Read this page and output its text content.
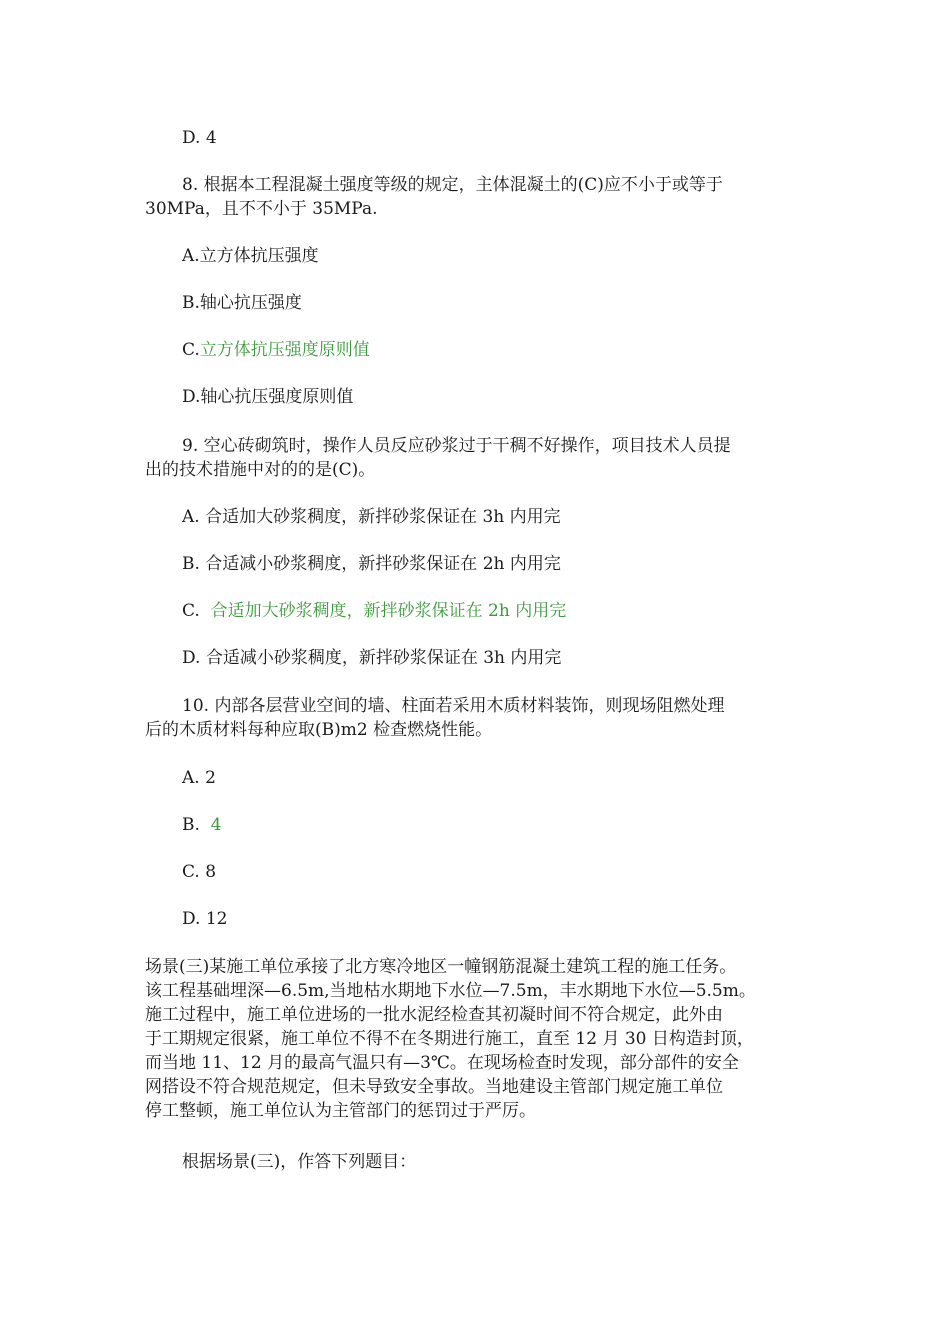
D. 4
8. 根据本工程混凝土强度等级的规定，主体混凝土的(C)应不小于或等于
30MPa，且不不小于 35MPa.
A.立方体抗压强度
B.轴心抗压强度
C.立方体抗压强度原则值
D.轴心抗压强度原则值
9. 空心砖砌筑时，操作人员反应砂浆过于干稠不好操作，项目技术人员提
出的技术措施中对的的是(C)。
A. 合适加大砂浆稠度，新拌砂浆保证在 3h 内用完
B. 合适减小砂浆稠度，新拌砂浆保证在 2h 内用完
C.  合适加大砂浆稠度，新拌砂浆保证在 2h 内用完
D. 合适减小砂浆稠度，新拌砂浆保证在 3h 内用完
10. 内部各层营业空间的墙、柱面若采用木质材料装饰，则现场阻燃处理
后的木质材料每种应取(B)m2 检查燃烧性能。
A. 2
B.  4
C. 8
D. 12
场景(三)某施工单位承接了北方寒冷地区一幢钢筋混凝土建筑工程的施工任务。
该工程基础埋深—6.5m,当地枯水期地下水位—7.5m，丰水期地下水位—5.5m。
施工过程中，施工单位进场的一批水泥经检查其初凝时间不符合规定，此外由
于工期规定很紧，施工单位不得不在冬期进行施工，直至 12 月 30 日构造封顶，
而当地 11、12 月的最高气温只有—3℃。在现场检查时发现，部分部件的安全
网搭设不符合规范规定，但未导致安全事故。当地建设主管部门规定施工单位
停工整顿，施工单位认为主管部门的惩罚过于严厉。
根据场景(三)，作答下列题目：
